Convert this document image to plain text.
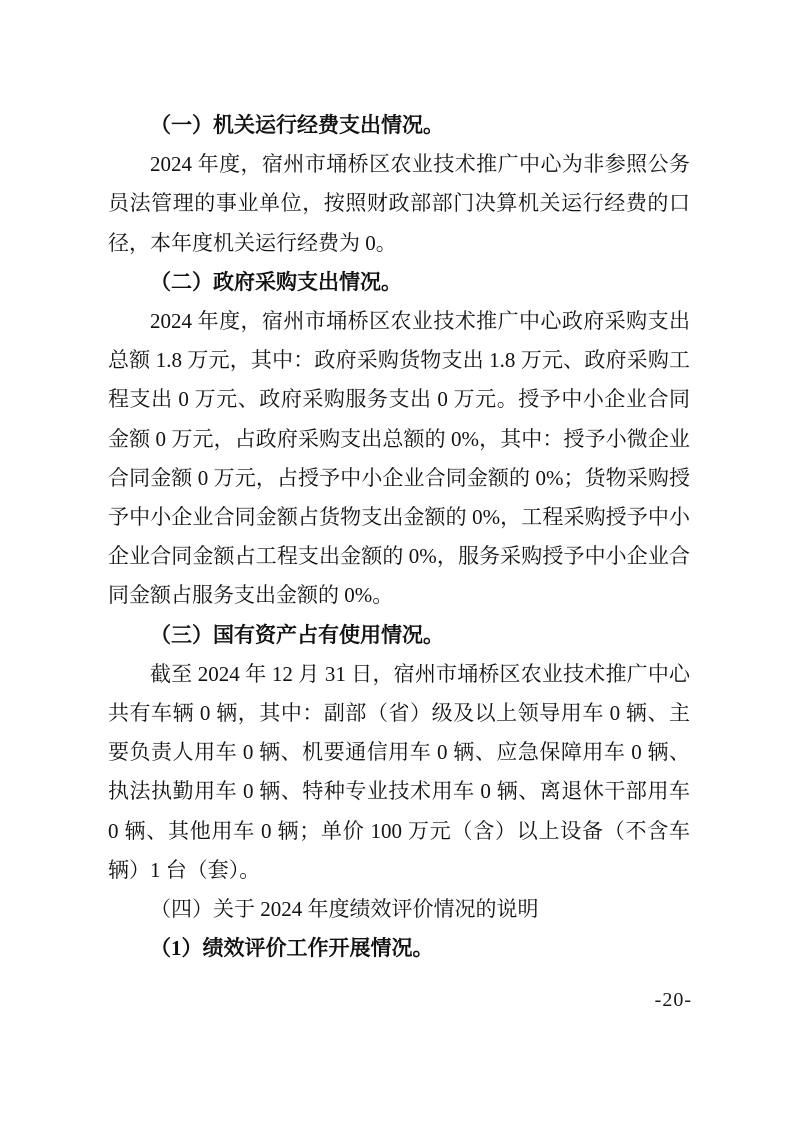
（一）机关运行经费支出情况。

2024 年度，宿州市埇桥区农业技术推广中心为非参照公务员法管理的事业单位，按照财政部部门决算机关运行经费的口径，本年度机关运行经费为 0。

（二）政府采购支出情况。

2024 年度，宿州市埇桥区农业技术推广中心政府采购支出总额 1.8 万元，其中：政府采购货物支出 1.8 万元、政府采购工程支出 0 万元、政府采购服务支出 0 万元。授予中小企业合同金额 0 万元，占政府采购支出总额的 0%，其中：授予小微企业合同金额 0 万元，占授予中小企业合同金额的 0%；货物采购授予中小企业合同金额占货物支出金额的 0%，工程采购授予中小企业合同金额占工程支出金额的 0%，服务采购授予中小企业合同金额占服务支出金额的 0%。

（三）国有资产占有使用情况。

截至 2024 年 12 月 31 日，宿州市埇桥区农业技术推广中心共有车辆 0 辆，其中：副部（省）级及以上领导用车 0 辆、主要负责人用车 0 辆、机要通信用车 0 辆、应急保障用车 0 辆、执法执勤用车 0 辆、特种专业技术用车 0 辆、离退休干部用车 0 辆、其他用车 0 辆；单价 100 万元（含）以上设备（不含车辆）1 台（套）。

（四）关于 2024 年度绩效评价情况的说明

（1）绩效评价工作开展情况。

-20-
